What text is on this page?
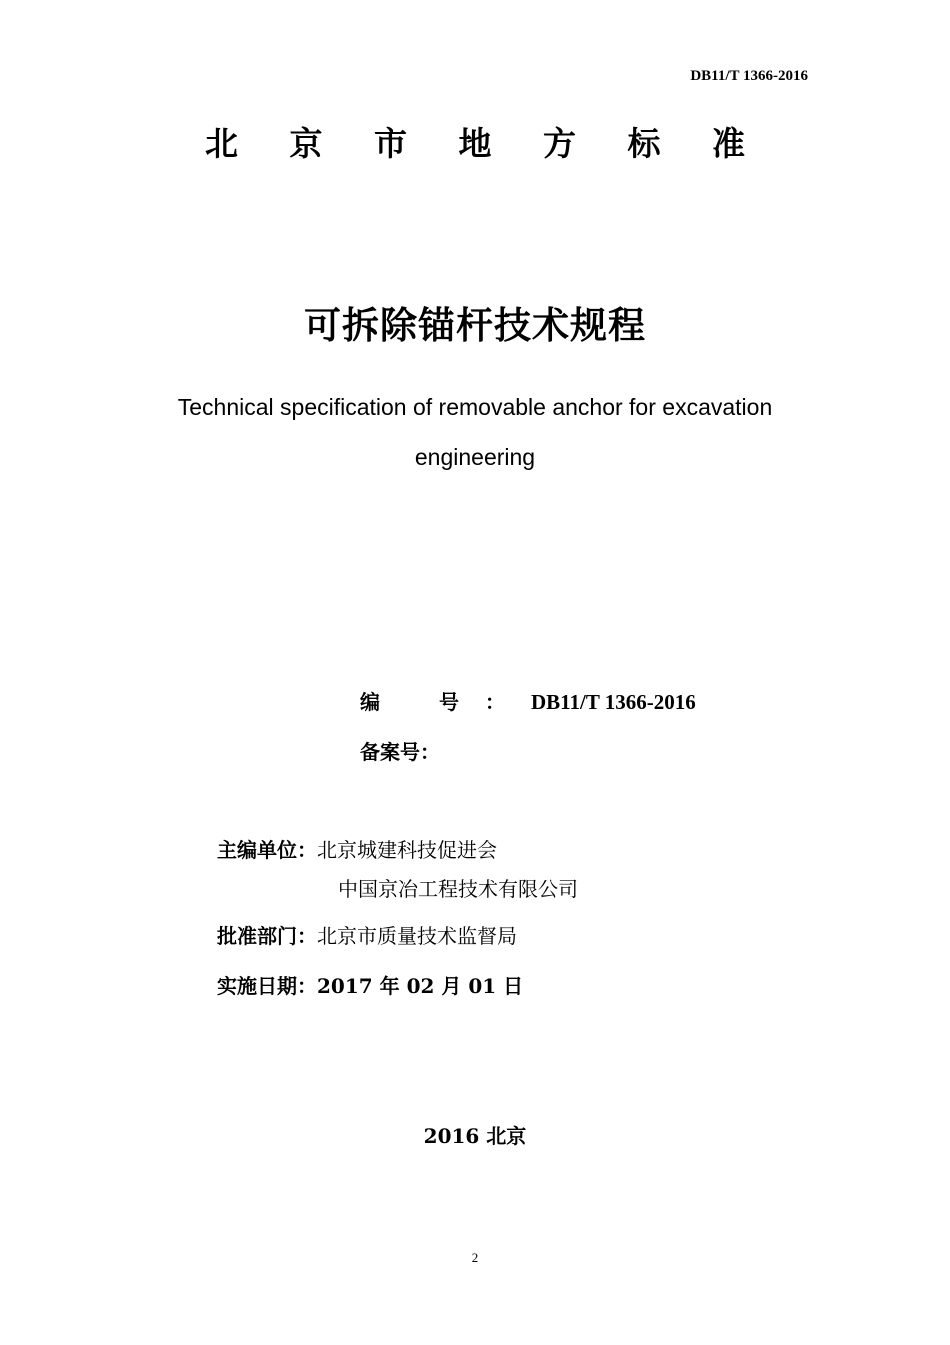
DB11/T 1366-2016
北 京 市 地 方 标 准
可拆除锚杆技术规程
Technical specification of removable anchor for excavation
engineering
编 号：DB11/T 1366-2016
备案号：
主编单位：北京城建科技促进会
中国京冶工程技术有限公司
批准部门：北京市质量技术监督局
实施日期：2017 年 02 月 01 日
2016 北京
2
